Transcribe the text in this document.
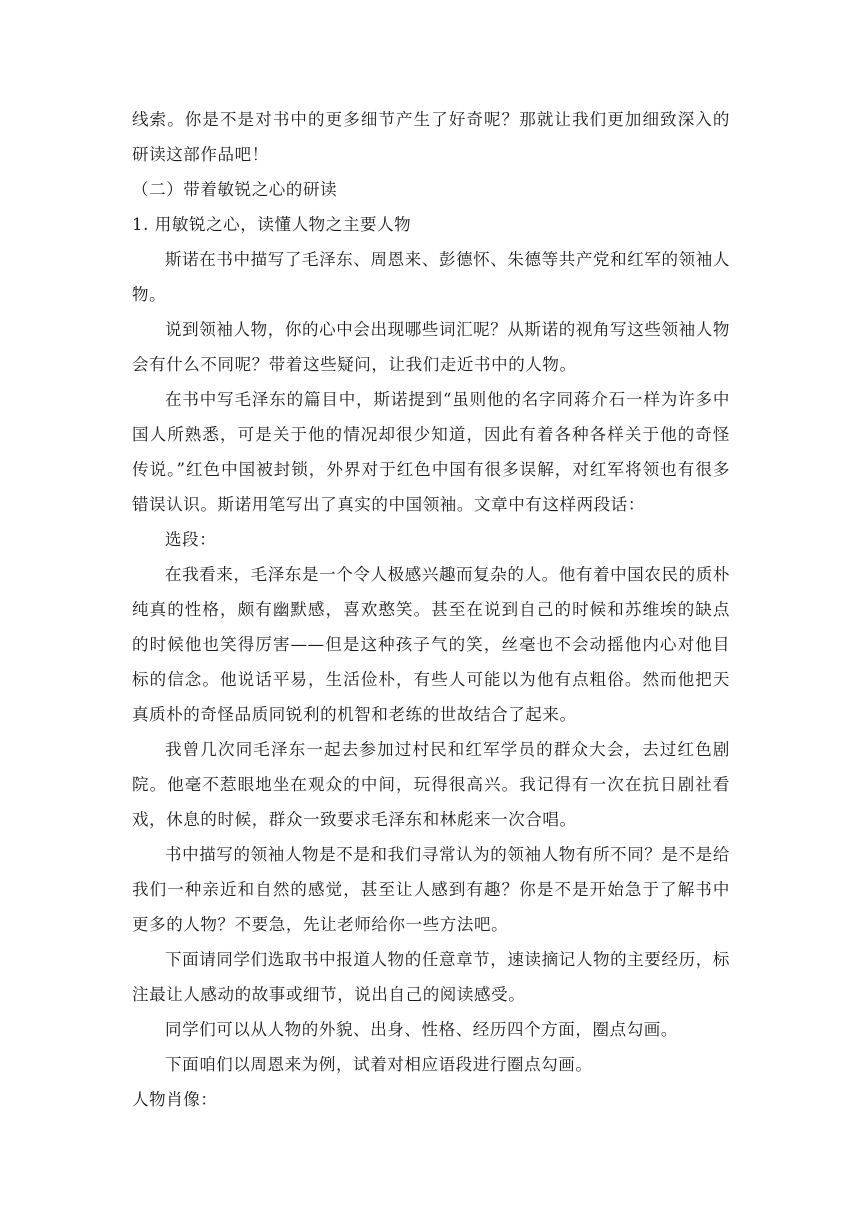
线索。你是不是对书中的更多细节产生了好奇呢？那就让我们更加细致深入的研读这部作品吧！

（二）带着敏锐之心的研读

1. 用敏锐之心，读懂人物之主要人物

斯诺在书中描写了毛泽东、周恩来、彭德怀、朱德等共产党和红军的领袖人物。

说到领袖人物，你的心中会出现哪些词汇呢？从斯诺的视角写这些领袖人物会有什么不同呢？带着这些疑问，让我们走近书中的人物。

在书中写毛泽东的篇目中，斯诺提到“虽则他的名字同蒋介石一样为许多中国人所熟悉，可是关于他的情况却很少知道，因此有着各种各样关于他的奇怪传说。”红色中国被封锁，外界对于红色中国有很多误解，对红军将领也有很多错误认识。斯诺用笔写出了真实的中国领袖。文章中有这样两段话：

选段：

在我看来，毛泽东是一个令人极感兴趣而复杂的人。他有着中国农民的质朴纯真的性格，颇有幽默感，喜欢憨笑。甚至在说到自己的时候和苏维埃的缺点的时候他也笑得厉害——但是这种孩子气的笑，丝毫也不会动摇他内心对他目标的信念。他说话平易，生活俭朴，有些人可能以为他有点粗俗。然而他把天真质朴的奇怪品质同锐利的机智和老练的世故结合了起来。

我曾几次同毛泽东一起去参加过村民和红军学员的群众大会，去过红色剧院。他毫不惹眼地坐在观众的中间，玩得很高兴。我记得有一次在抗日剧社看戏，休息的时候，群众一致要求毛泽东和林彪来一次合唱。

书中描写的领袖人物是不是和我们寻常认为的领袖人物有所不同？是不是给我们一种亲近和自然的感觉，甚至让人感到有趣？你是不是开始急于了解书中更多的人物？不要急，先让老师给你一些方法吧。

下面请同学们选取书中报道人物的任意章节，速读摘记人物的主要经历，标注最让人感动的故事或细节，说出自己的阅读感受。

同学们可以从人物的外貌、出身、性格、经历四个方面，圈点勾画。

下面咱们以周恩来为例，试着对相应语段进行圈点勾画。

人物肖像：
